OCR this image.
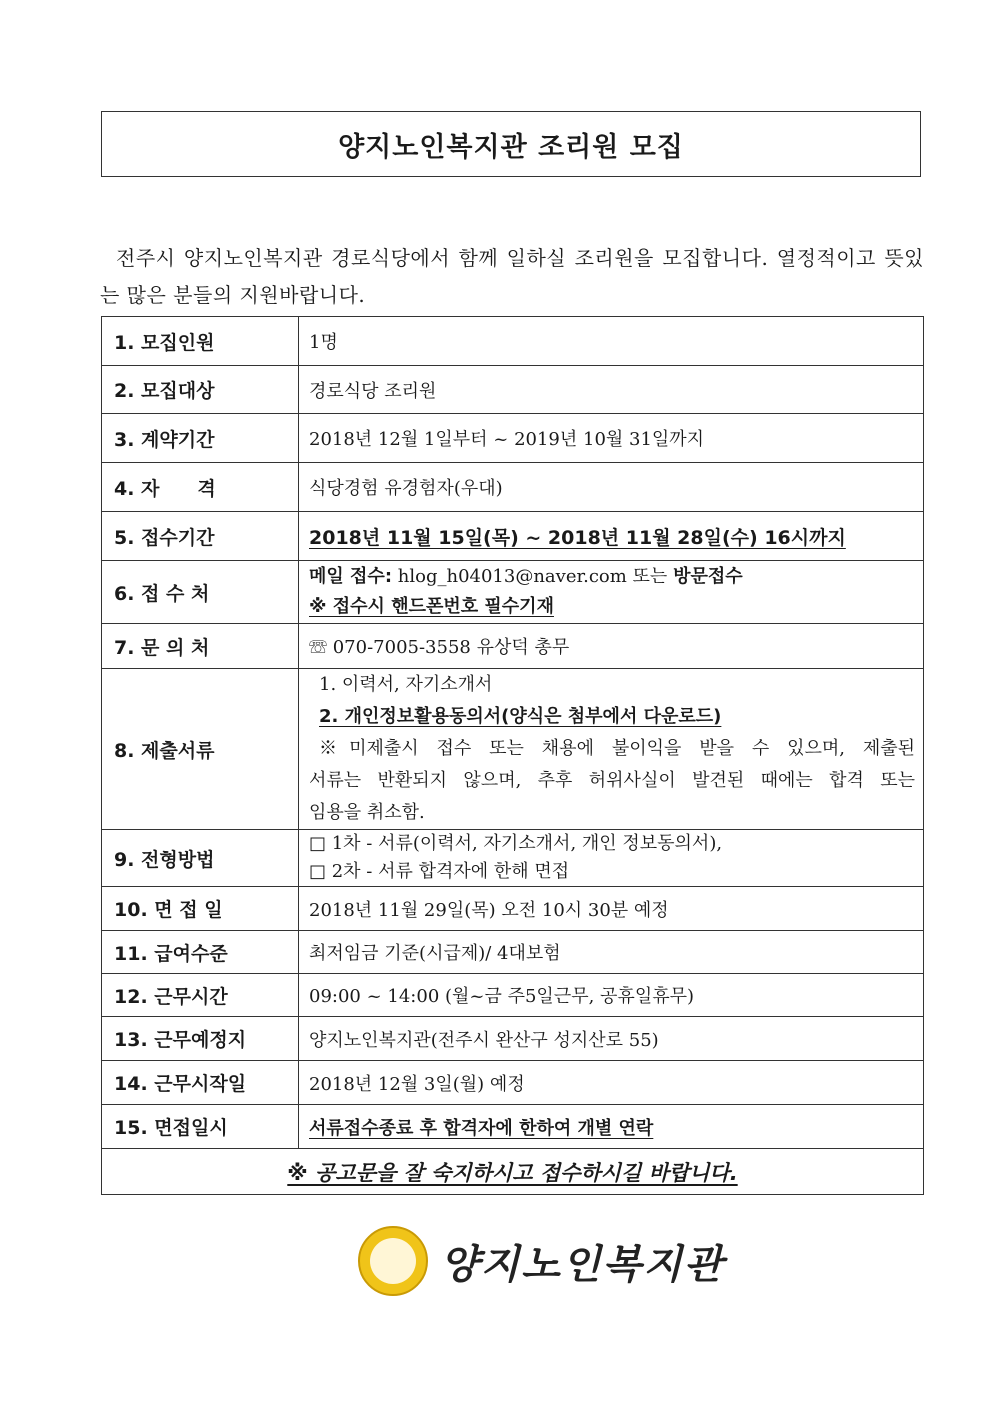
양지노인복지관 조리원 모집
전주시 양지노인복지관 경로식당에서 함께 일하실 조리원을 모집합니다. 열정적이고 뜻있는 많은 분들의 지원바랍니다.
1. 모집인원	1명
2. 모집대상	경로식당 조리원
3. 계약기간	2018년 12월 1일부터 ~ 2019년 10월 31일까지
4. 자　　격	식당경험 유경험자(우대)
5. 접수기간	2018년 11월 15일(목) ~ 2018년 11월 28일(수) 16시까지
6. 접 수 처	메일 접수: hlog_h04013@naver.com 또는 방문접수
※ 접수시 핸드폰번호 필수기재

7. 문 의 처	☏ 070-7005-3558 유상덕 총무
8. 제출서류	1. 이력서, 자기소개서
2. 개인정보활용동의서(양식은 첨부에서 다운로드)
※미제출시 접수 또는 채용에 불이익을 받을 수 있으며, 제출된
서류는 반환되지 않으며, 추후 허위사실이 발견된 때에는 합격 또는
임용을 취소함.

9. 전형방법	□ 1차 - 서류(이력서, 자기소개서, 개인 정보동의서),
□ 2차 - 서류 합격자에 한해 면접

10. 면 접 일	2018년 11월 29일(목) 오전 10시 30분 예정
11. 급여수준	최저임금 기준(시급제)/ 4대보험
12. 근무시간	09:00 ~ 14:00 (월~금 주5일근무, 공휴일휴무)
13. 근무예정지	양지노인복지관(전주시 완산구 성지산로 55)
14. 근무시작일	2018년 12월 3일(월) 예정
15. 면접일시	서류접수종료 후 합격자에 한하여 개별 연락
※ 공고문을 잘 숙지하시고 접수하시길 바랍니다.	
양지노인복지관
